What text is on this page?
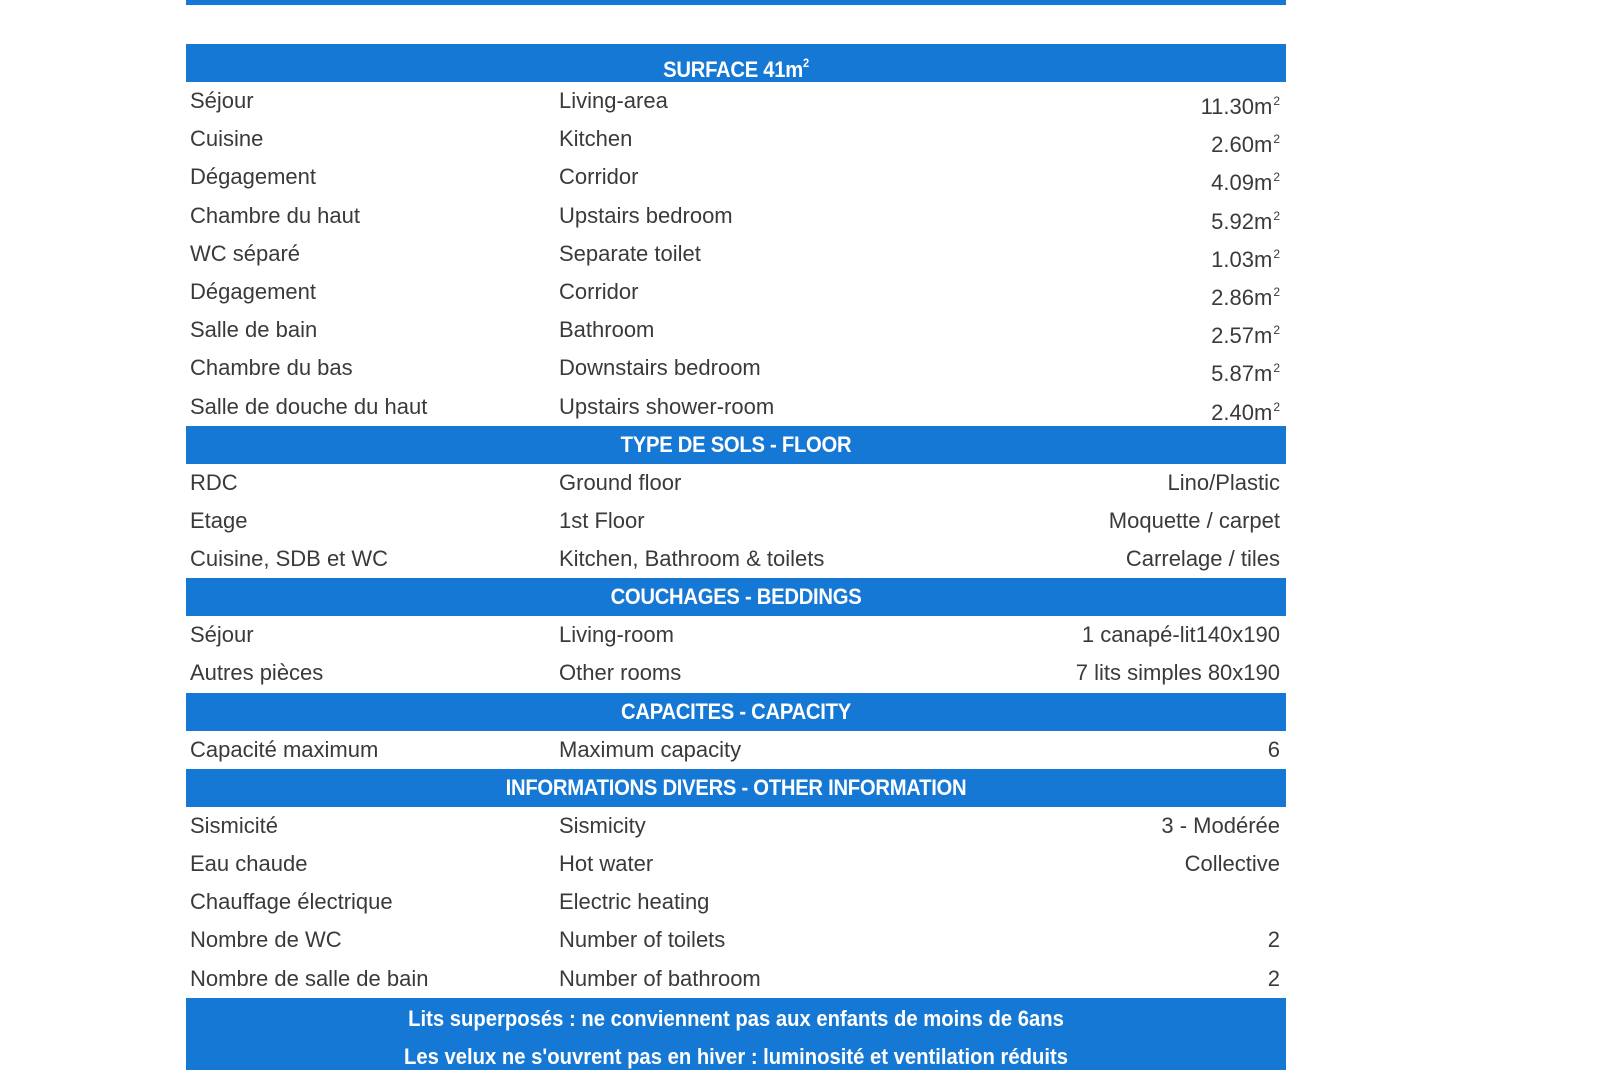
SURFACE $41m^2$
Séjour	Living-area	$11.30m^2$
Cuisine	Kitchen	$2.60m^2$
Dégagement	Corridor	$4.09m^2$
Chambre du haut	Upstairs bedroom	$5.92m^2$
WC séparé	Separate toilet	$1.03m^2$
Dégagement	Corridor	$2.86m^2$
Salle de bain	Bathroom	$2.57m^2$
Chambre du bas	Downstairs bedroom	$5.87m^2$
Salle de douche du haut	Upstairs shower-room	$2.40m^2$
TYPE DE SOLS - FLOOR
RDC	Ground floor	Lino/Plastic
Etage	1st Floor	Moquette / carpet
Cuisine, SDB et WC	Kitchen, Bathroom & toilets	Carrelage / tiles
COUCHAGES - BEDDINGS
Séjour	Living-room	1 canapé-lit140x190
Autres pièces	Other rooms	7 lits simples 80x190
CAPACITES - CAPACITY
Capacité maximum	Maximum capacity	6
INFORMATIONS DIVERS - OTHER INFORMATION
Sismicité	Sismicity	3 - Modérée
Eau chaude	Hot water	Collective
Chauffage électrique	Electric heating
Nombre de WC	Number of toilets	2
Nombre de salle de bain	Number of bathroom	2
Lits superposés : ne conviennent pas aux enfants de moins de 6ans
Les velux ne s'ouvrent pas en hiver : luminosité et ventilation réduits
